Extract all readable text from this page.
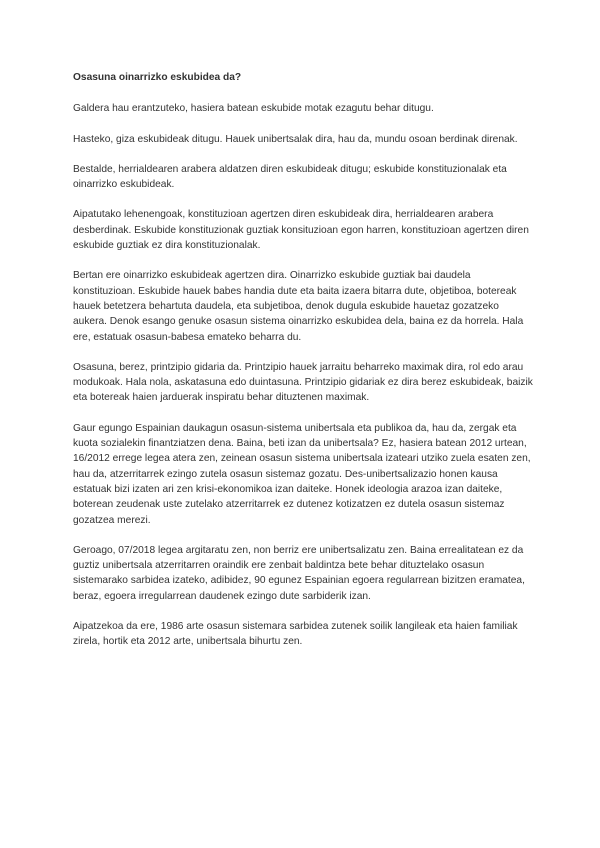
Osasuna oinarrizko eskubidea da?

Galdera hau erantzuteko, hasiera batean eskubide motak ezagutu behar ditugu.

Hasteko, giza eskubideak ditugu. Hauek unibertsalak dira, hau da, mundu osoan berdinak direnak.

Bestalde, herrialdearen arabera aldatzen diren eskubideak ditugu; eskubide konstituzionalak eta oinarrizko eskubideak.

Aipatutako lehenengoak, konstituzioan agertzen diren eskubideak dira, herrialdearen arabera desberdinak. Eskubide konstituzionak guztiak konsituzioan egon harren, konstituzioan agertzen diren eskubide guztiak ez dira konstituzionalak.

Bertan ere oinarrizko eskubideak agertzen dira. Oinarrizko eskubide guztiak bai daudela konstituzioan. Eskubide hauek babes handia dute eta baita izaera bitarra dute, objetiboa, botereak hauek betetzera behartuta daudela, eta subjetiboa, denok dugula eskubide hauetaz gozatzeko aukera. Denok esango genuke osasun sistema oinarrizko eskubidea dela, baina ez da horrela. Hala ere, estatuak osasun-babesa emateko beharra du.

Osasuna, berez, printzipio gidaria da. Printzipio hauek jarraitu beharreko maximak dira, rol edo arau modukoak. Hala nola, askatasuna edo duintasuna. Printzipio gidariak ez dira berez eskubideak, baizik eta botereak haien jarduerak inspiratu behar dituztenen maximak.

Gaur egungo Espainian daukagun osasun-sistema unibertsala eta publikoa da, hau da, zergak eta kuota sozialekin finantziatzen dena. Baina, beti izan da unibertsala? Ez, hasiera batean 2012 urtean, 16/2012 errege legea atera zen, zeinean osasun sistema unibertsala izateari utziko zuela esaten zen, hau da, atzerritarrek ezingo zutela osasun sistemaz gozatu. Des-unibertsalizazio honen kausa estatuak bizi izaten ari zen krisi-ekonomikoa izan daiteke. Honek ideologia arazoa izan daiteke, boterean zeudenak uste zutelako atzerritarrek ez dutenez kotizatzen ez dutela osasun sistemaz gozatzea merezi.

Geroago, 07/2018 legea argitaratu zen, non berriz ere unibertsalizatu zen. Baina errealitatean ez da guztiz unibertsala atzerritarren oraindik ere zenbait baldintza bete behar dituztelako osasun sistemarako sarbidea izateko, adibidez, 90 egunez Espainian egoera regularrean bizitzen eramatea, beraz, egoera irregularrean daudenek ezingo dute sarbiderik izan.

Aipatzekoa da ere, 1986 arte osasun sistemara sarbidea zutenek soilik langileak eta haien familiak zirela, hortik eta 2012 arte, unibertsala bihurtu zen.
